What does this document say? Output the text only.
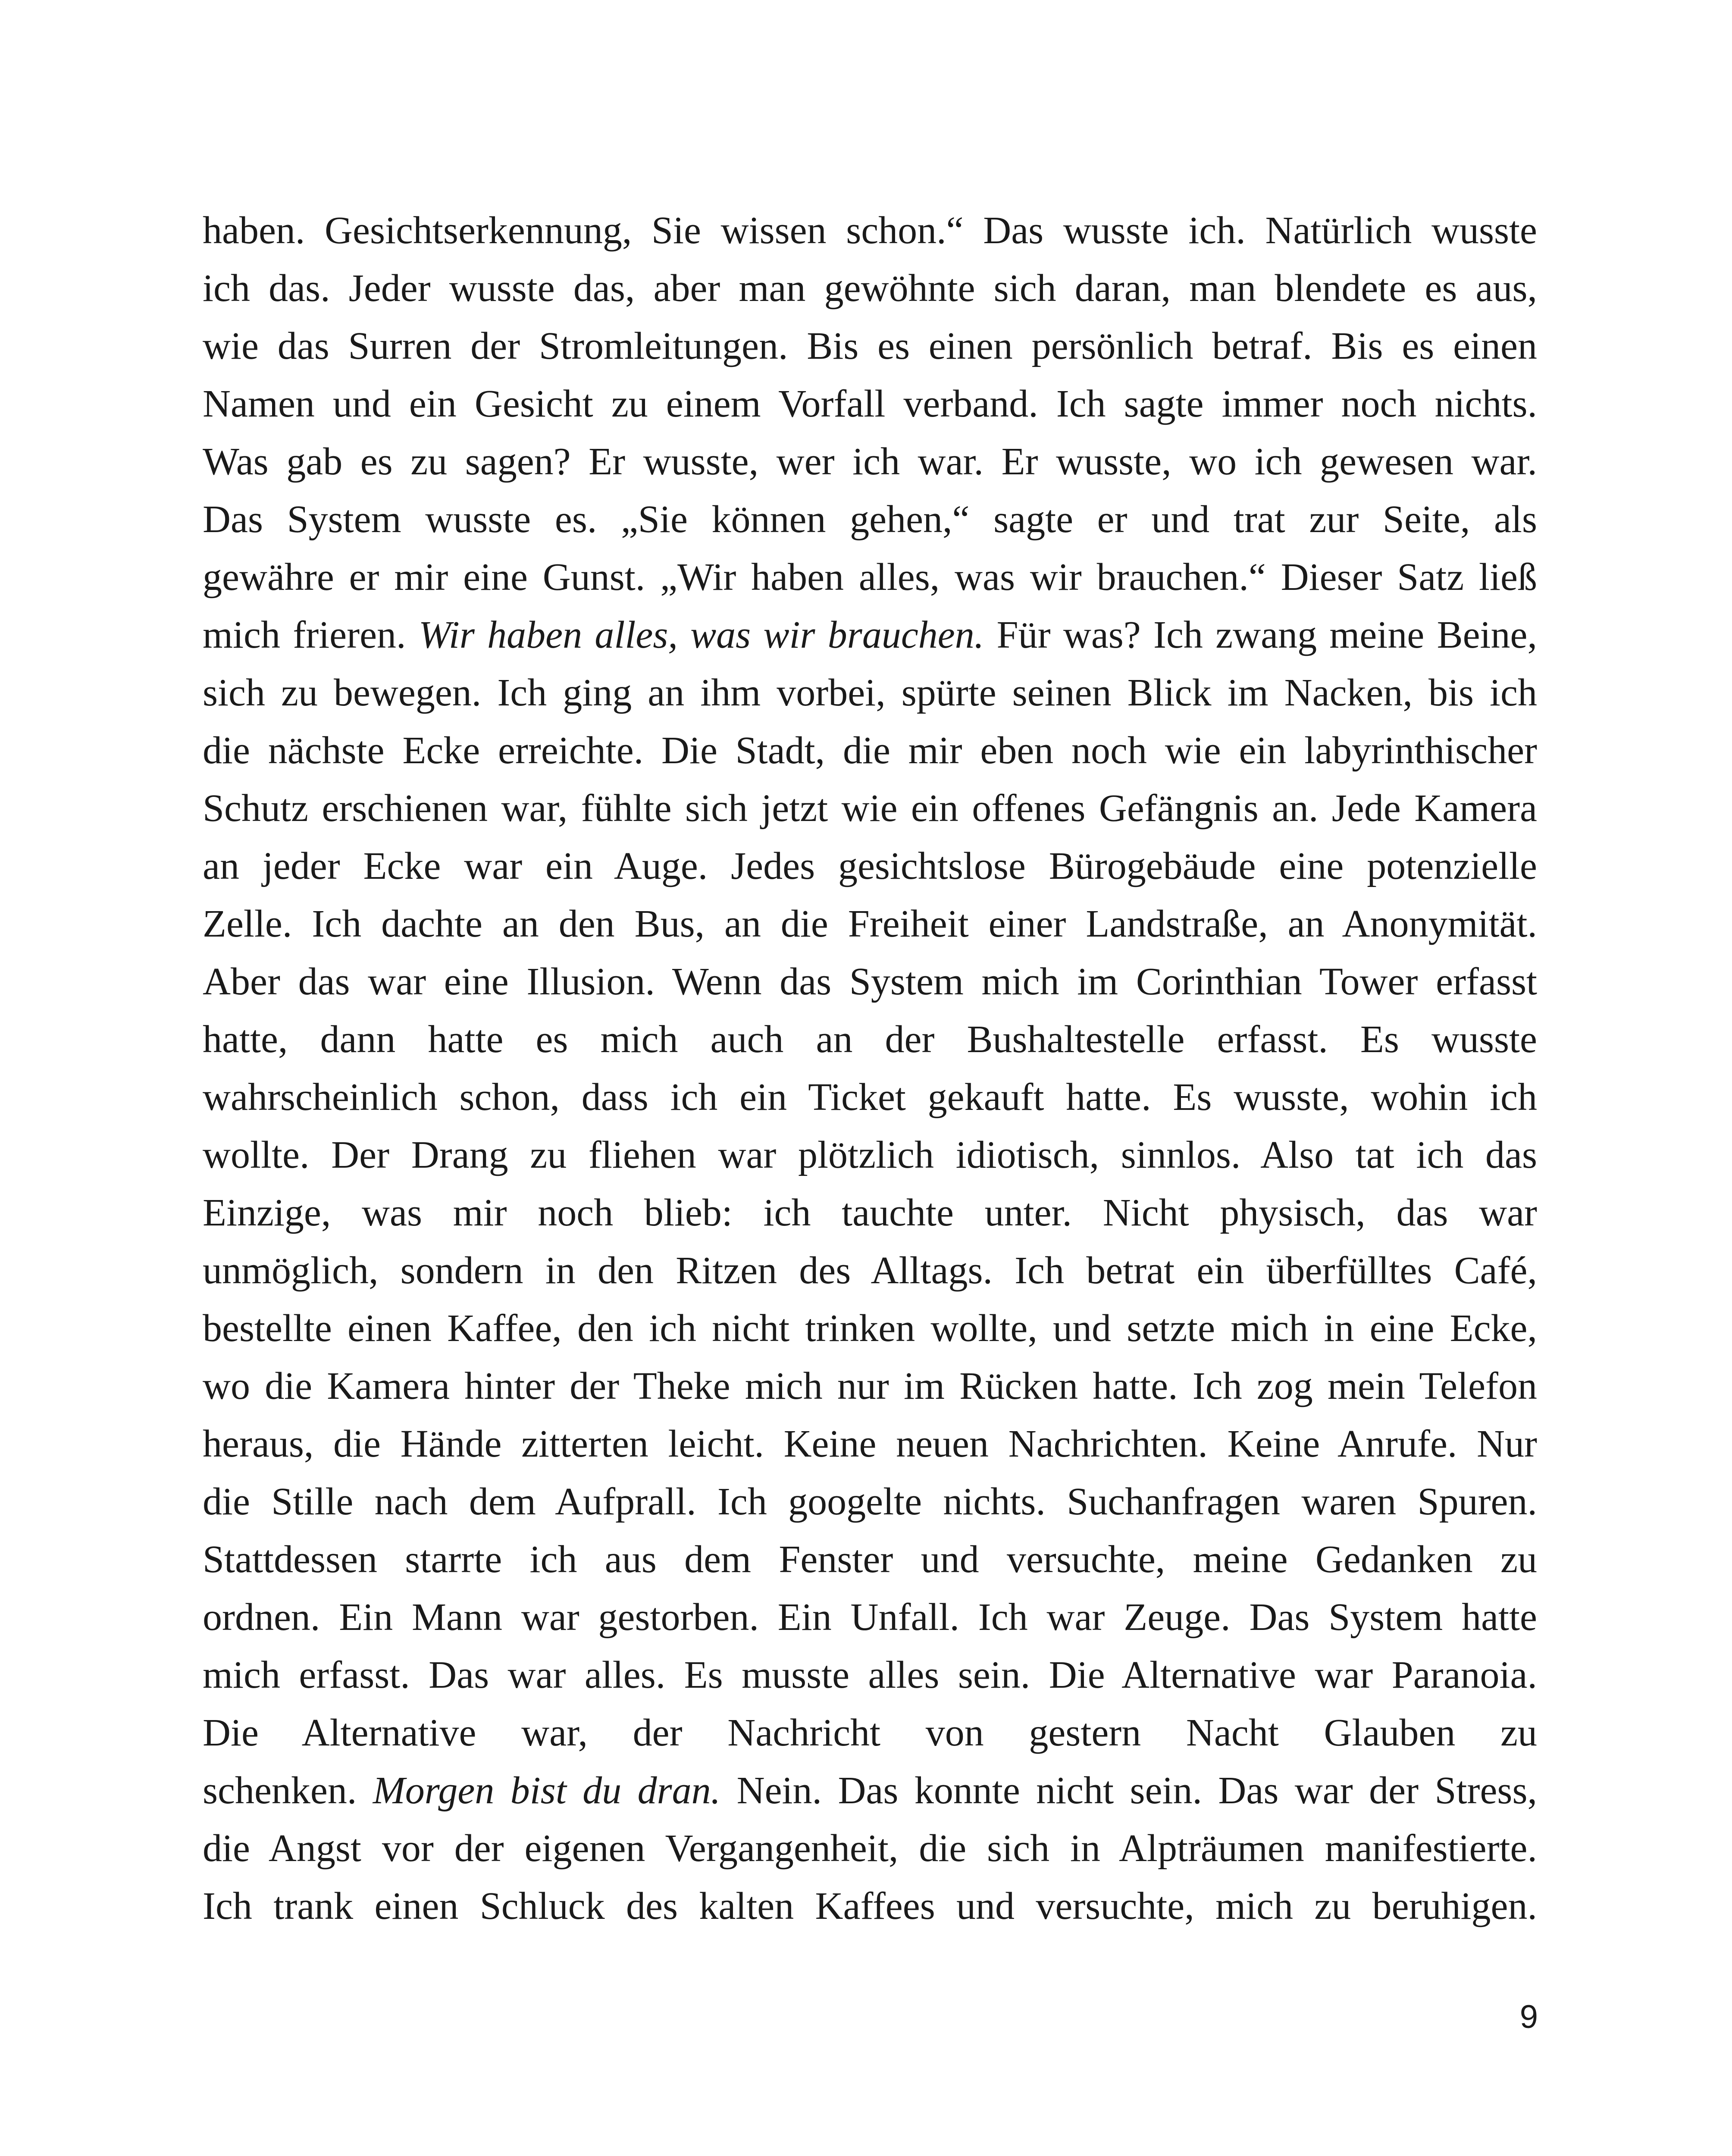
haben. Gesichtserkennung, Sie wissen schon.“ Das wusste ich. Natürlich wusste
ich das. Jeder wusste das, aber man gewöhnte sich daran, man blendete es aus,
wie das Surren der Stromleitungen. Bis es einen persönlich betraf. Bis es einen
Namen und ein Gesicht zu einem Vorfall verband. Ich sagte immer noch nichts.
Was gab es zu sagen? Er wusste, wer ich war. Er wusste, wo ich gewesen war.
Das System wusste es. „Sie können gehen,“ sagte er und trat zur Seite, als
gewähre er mir eine Gunst. „Wir haben alles, was wir brauchen.“ Dieser Satz ließ
mich frieren. Wir haben alles, was wir brauchen. Für was? Ich zwang meine Beine,
sich zu bewegen. Ich ging an ihm vorbei, spürte seinen Blick im Nacken, bis ich
die nächste Ecke erreichte. Die Stadt, die mir eben noch wie ein labyrinthischer
Schutz erschienen war, fühlte sich jetzt wie ein offenes Gefängnis an. Jede Kamera
an jeder Ecke war ein Auge. Jedes gesichtslose Bürogebäude eine potenzielle
Zelle. Ich dachte an den Bus, an die Freiheit einer Landstraße, an Anonymität.
Aber das war eine Illusion. Wenn das System mich im Corinthian Tower erfasst
hatte, dann hatte es mich auch an der Bushaltestelle erfasst. Es wusste
wahrscheinlich schon, dass ich ein Ticket gekauft hatte. Es wusste, wohin ich
wollte. Der Drang zu fliehen war plötzlich idiotisch, sinnlos. Also tat ich das
Einzige, was mir noch blieb: ich tauchte unter. Nicht physisch, das war
unmöglich, sondern in den Ritzen des Alltags. Ich betrat ein überfülltes Café,
bestellte einen Kaffee, den ich nicht trinken wollte, und setzte mich in eine Ecke,
wo die Kamera hinter der Theke mich nur im Rücken hatte. Ich zog mein Telefon
heraus, die Hände zitterten leicht. Keine neuen Nachrichten. Keine Anrufe. Nur
die Stille nach dem Aufprall. Ich googelte nichts. Suchanfragen waren Spuren.
Stattdessen starrte ich aus dem Fenster und versuchte, meine Gedanken zu
ordnen. Ein Mann war gestorben. Ein Unfall. Ich war Zeuge. Das System hatte
mich erfasst. Das war alles. Es musste alles sein. Die Alternative war Paranoia.
Die Alternative war, der Nachricht von gestern Nacht Glauben zu
schenken. Morgen bist du dran. Nein. Das konnte nicht sein. Das war der Stress,
die Angst vor der eigenen Vergangenheit, die sich in Alpträumen manifestierte.
Ich trank einen Schluck des kalten Kaffees und versuchte, mich zu beruhigen.
9
